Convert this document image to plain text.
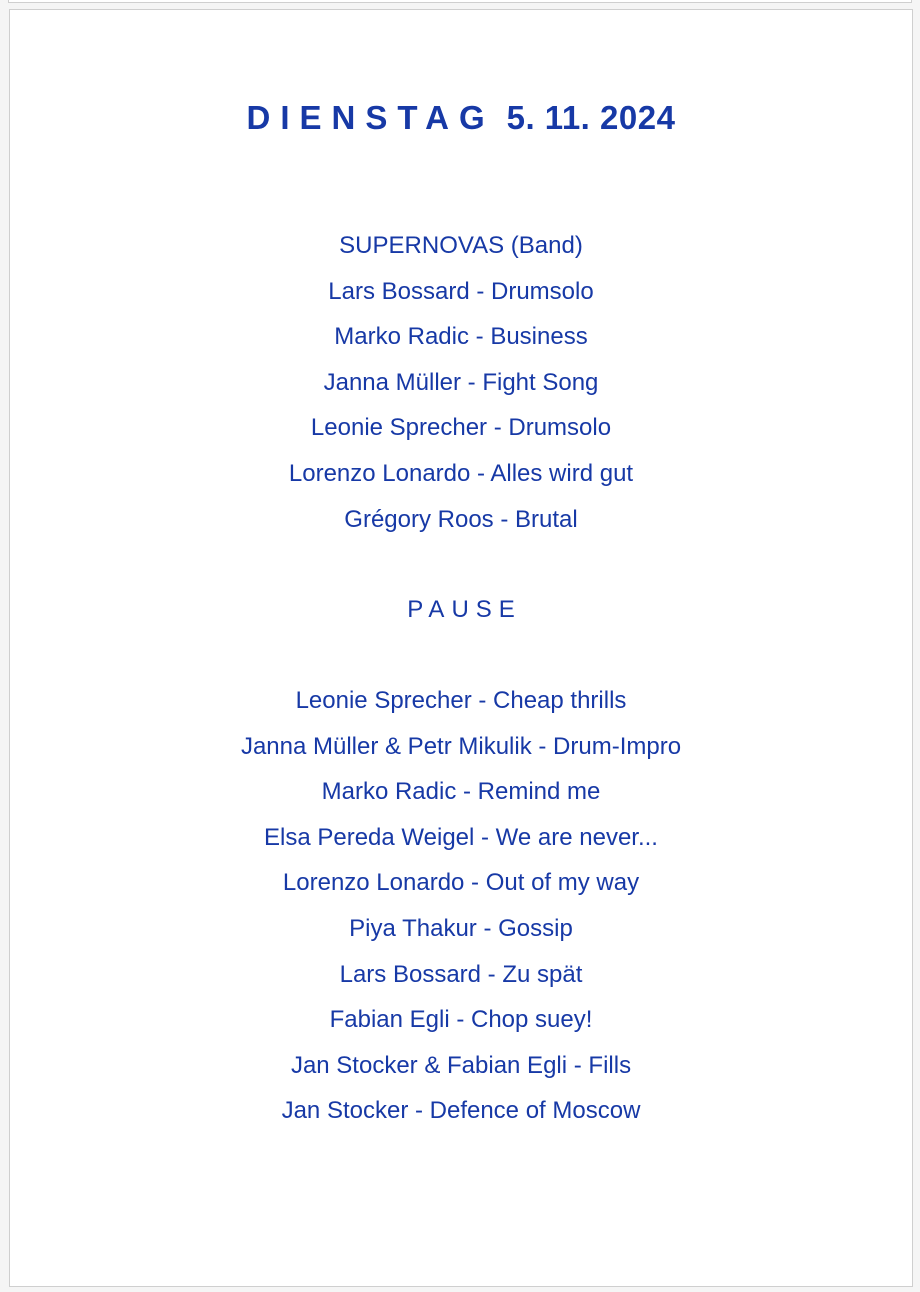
DIENSTAG 5. 11. 2024
SUPERNOVAS (Band)
Lars Bossard - Drumsolo
Marko Radic - Business
Janna Müller - Fight Song
Leonie Sprecher - Drumsolo
Lorenzo Lonardo - Alles wird gut
Grégory Roos - Brutal
PAUSE
Leonie Sprecher - Cheap thrills
Janna Müller & Petr Mikulik - Drum-Impro
Marko Radic - Remind me
Elsa Pereda Weigel - We are never...
Lorenzo Lonardo - Out of my way
Piya Thakur - Gossip
Lars Bossard - Zu spät
Fabian Egli - Chop suey!
Jan Stocker & Fabian Egli - Fills
Jan Stocker - Defence of Moscow
